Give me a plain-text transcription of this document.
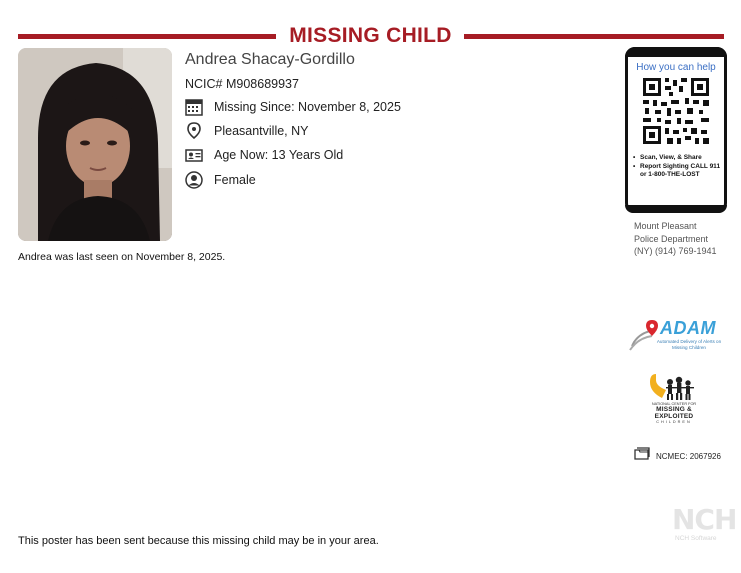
MISSING CHILD
Andrea Shacay-Gordillo
NCIC# M908689937
Missing Since: November 8, 2025
Pleasantville, NY
Age Now: 13 Years Old
Female
Andrea was last seen on November 8, 2025.
How you can help
• Scan, View, & Share
• Report Sighting CALL 911 or 1-800-THE-LOST
Mount Pleasant
Police Department
(NY) (914) 769-1941
ADAM
Automated Delivery of Alerts on Missing Children
NATIONAL CENTER FOR
MISSING &
EXPLOITED
CHILDREN
NCMEC: 2067926
NCH
NCH Software
This poster has been sent because this missing child may be in your area.
